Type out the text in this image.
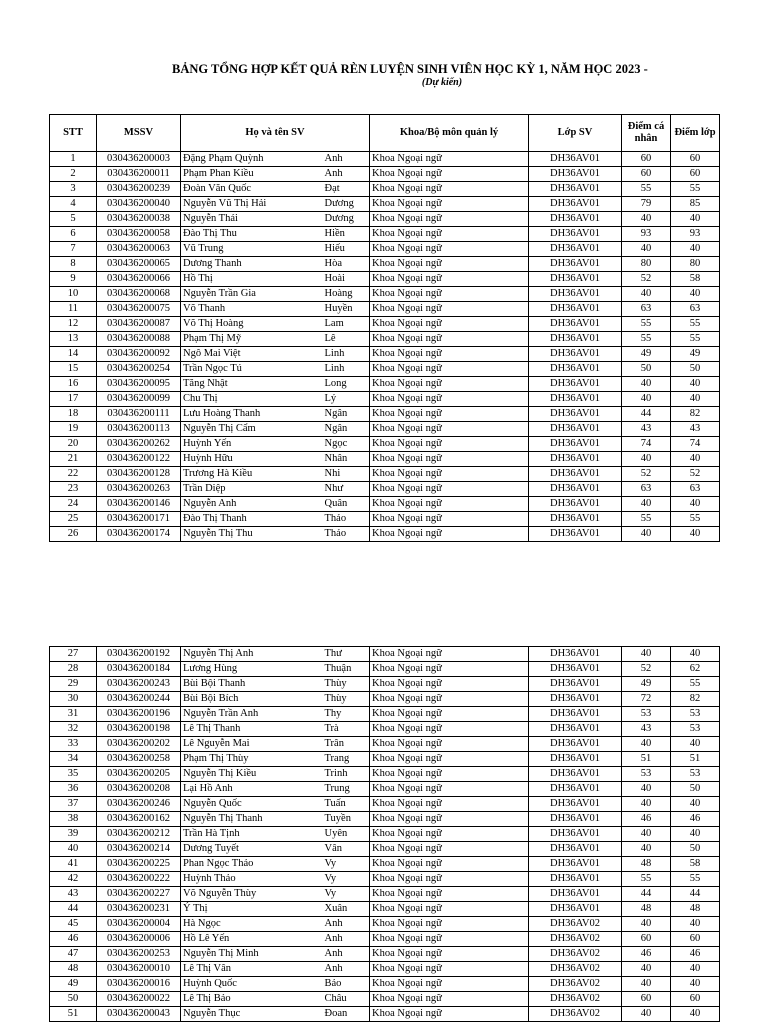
BẢNG TỔNG HỢP KẾT QUẢ RÈN LUYỆN SINH VIÊN HỌC KỲ 1, NĂM HỌC 2023 -
(Dự kiến)
STT	MSSV	Họ và tên SV		Khoa/Bộ môn quản lý	Lớp SV	Điểm cá nhân	Điểm lớp
1	030436200003	Đặng Phạm Quỳnh	Anh	Khoa Ngoại ngữ	DH36AV01	60	60
2	030436200011	Phạm Phan Kiều	Anh	Khoa Ngoại ngữ	DH36AV01	60	60
3	030436200239	Đoàn Văn Quốc	Đạt	Khoa Ngoại ngữ	DH36AV01	55	55
4	030436200040	Nguyễn Vũ Thị Hải	Dương	Khoa Ngoại ngữ	DH36AV01	79	85
5	030436200038	Nguyễn Thái	Dương	Khoa Ngoại ngữ	DH36AV01	40	40
6	030436200058	Đào Thị Thu	Hiền	Khoa Ngoại ngữ	DH36AV01	93	93
7	030436200063	Vũ Trung	Hiếu	Khoa Ngoại ngữ	DH36AV01	40	40
8	030436200065	Dương Thanh	Hòa	Khoa Ngoại ngữ	DH36AV01	80	80
9	030436200066	Hồ Thị	Hoài	Khoa Ngoại ngữ	DH36AV01	52	58
10	030436200068	Nguyễn Trần Gia	Hoàng	Khoa Ngoại ngữ	DH36AV01	40	40
11	030436200075	Võ Thanh	Huyền	Khoa Ngoại ngữ	DH36AV01	63	63
12	030436200087	Võ Thị Hoàng	Lam	Khoa Ngoại ngữ	DH36AV01	55	55
13	030436200088	Phạm Thị Mỹ	Lê	Khoa Ngoại ngữ	DH36AV01	55	55
14	030436200092	Ngô Mai Việt	Linh	Khoa Ngoại ngữ	DH36AV01	49	49
15	030436200254	Trần Ngọc Tú	Linh	Khoa Ngoại ngữ	DH36AV01	50	50
16	030436200095	Tăng Nhật	Long	Khoa Ngoại ngữ	DH36AV01	40	40
17	030436200099	Chu Thị	Lý	Khoa Ngoại ngữ	DH36AV01	40	40
18	030436200111	Lưu Hoàng Thanh	Ngân	Khoa Ngoại ngữ	DH36AV01	44	82
19	030436200113	Nguyễn Thị Cẩm	Ngân	Khoa Ngoại ngữ	DH36AV01	43	43
20	030436200262	Huỳnh Yến	Ngọc	Khoa Ngoại ngữ	DH36AV01	74	74
21	030436200122	Huỳnh Hữu	Nhân	Khoa Ngoại ngữ	DH36AV01	40	40
22	030436200128	Trương Hà Kiều	Nhi	Khoa Ngoại ngữ	DH36AV01	52	52
23	030436200263	Trần Diệp	Như	Khoa Ngoại ngữ	DH36AV01	63	63
24	030436200146	Nguyễn Anh	Quân	Khoa Ngoại ngữ	DH36AV01	40	40
25	030436200171	Đào Thị Thanh	Thảo	Khoa Ngoại ngữ	DH36AV01	55	55
26	030436200174	Nguyễn Thị Thu	Thảo	Khoa Ngoại ngữ	DH36AV01	40	40
27	030436200192	Nguyễn Thị Anh	Thư	Khoa Ngoại ngữ	DH36AV01	40	40
28	030436200184	Lương Hùng	Thuận	Khoa Ngoại ngữ	DH36AV01	52	62
29	030436200243	Bùi Bội Thanh	Thùy	Khoa Ngoại ngữ	DH36AV01	49	55
30	030436200244	Bùi Bội Bích	Thùy	Khoa Ngoại ngữ	DH36AV01	72	82
31	030436200196	Nguyễn Trần Anh	Thy	Khoa Ngoại ngữ	DH36AV01	53	53
32	030436200198	Lê Thị Thanh	Trà	Khoa Ngoại ngữ	DH36AV01	43	53
33	030436200202	Lê Nguyễn Mai	Trân	Khoa Ngoại ngữ	DH36AV01	40	40
34	030436200258	Phạm Thị Thùy	Trang	Khoa Ngoại ngữ	DH36AV01	51	51
35	030436200205	Nguyễn Thị Kiều	Trinh	Khoa Ngoại ngữ	DH36AV01	53	53
36	030436200208	Lại Hồ Anh	Trung	Khoa Ngoại ngữ	DH36AV01	40	50
37	030436200246	Nguyễn Quốc	Tuấn	Khoa Ngoại ngữ	DH36AV01	40	40
38	030436200162	Nguyễn Thị Thanh	Tuyền	Khoa Ngoại ngữ	DH36AV01	46	46
39	030436200212	Trần Hà Tịnh	Uyên	Khoa Ngoại ngữ	DH36AV01	40	40
40	030436200214	Dương Tuyết	Vân	Khoa Ngoại ngữ	DH36AV01	40	50
41	030436200225	Phan Ngọc Thảo	Vy	Khoa Ngoại ngữ	DH36AV01	48	58
42	030436200222	Huỳnh Thảo	Vy	Khoa Ngoại ngữ	DH36AV01	55	55
43	030436200227	Võ Nguyễn Thùy	Vy	Khoa Ngoại ngữ	DH36AV01	44	44
44	030436200231	Ý Thị	Xuân	Khoa Ngoại ngữ	DH36AV01	48	48
45	030436200004	Hà Ngọc	Anh	Khoa Ngoại ngữ	DH36AV02	40	40
46	030436200006	Hồ Lê Yến	Anh	Khoa Ngoại ngữ	DH36AV02	60	60
47	030436200253	Nguyễn Thị Minh	Anh	Khoa Ngoại ngữ	DH36AV02	46	46
48	030436200010	Lê Thị Vân	Anh	Khoa Ngoại ngữ	DH36AV02	40	40
49	030436200016	Huỳnh Quốc	Bảo	Khoa Ngoại ngữ	DH36AV02	40	40
50	030436200022	Lê Thị Bảo	Châu	Khoa Ngoại ngữ	DH36AV02	60	60
51	030436200043	Nguyễn Thục	Đoan	Khoa Ngoại ngữ	DH36AV02	40	40
